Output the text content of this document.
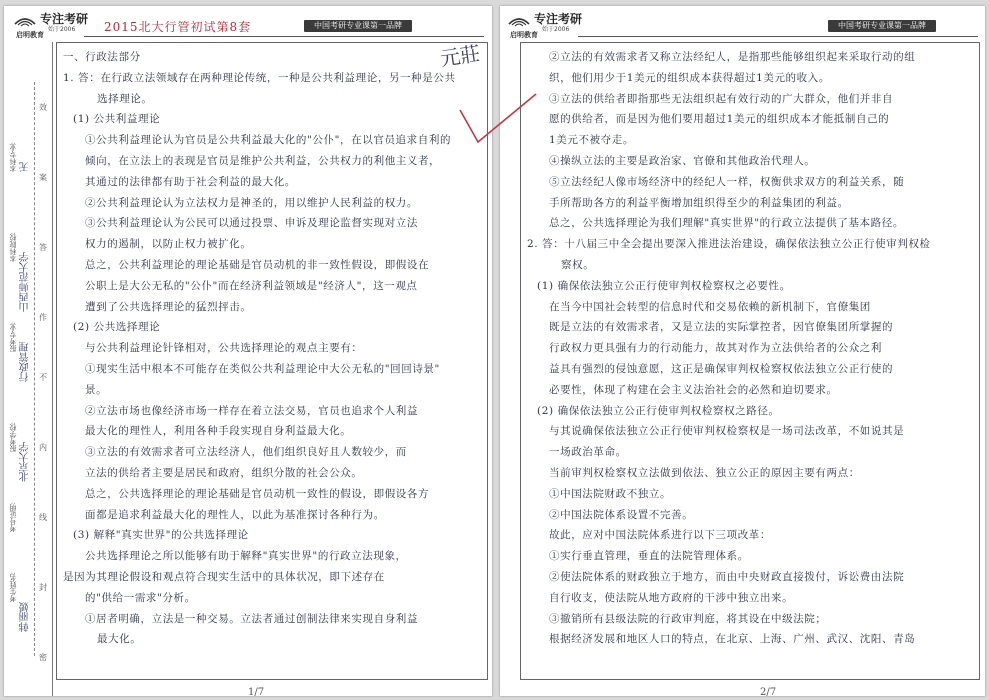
专注考研
始于2006
启明教育
中国考研专业课第一品牌
2015北大行管初试第8套
考生姓名:
韩丽媛
考号证明:
报考学校:
北京大学
报考专业:
行政管理
本科院校:
山西师范大学
本科专业: 无
密
封
线
内
不
作
答
案
效
一、行政法部分
1. 答：在行政立法领域存在两种理论传统，一种是公共利益理论，另一种是公共
选择理论。
(1) 公共利益理论
①公共利益理论认为官员是公共利益最大化的"公仆"，在以官员追求自利的
倾向，在立法上的表现是官员是维护公共利益，公共权力的利他主义者，
其通过的法律都有助于社会利益的最大化。
②公共利益理论认为立法权力是神圣的，用以维护人民利益的权力。
③公共利益理论认为公民可以通过投票、申诉及理论监督实现对立法
权力的遏制，以防止权力被扩化。
总之，公共利益理论的理论基础是官员动机的非一致性假设，即假设在
公职上是大公无私的"公仆"而在经济利益领域是"经济人"，这一观点
遭到了公共选择理论的猛烈抨击。
(2) 公共选择理论
与公共利益理论针锋相对，公共选择理论的观点主要有：
①现实生活中根本不可能存在类似公共利益理论中大公无私的"回回诗景"
景。
②立法市场也像经济市场一样存在着立法交易，官员也追求个人利益
最大化的理性人，利用各种手段实现自身利益最大化。
③立法的有效需求者可立法经济人，他们组织良好且人数较少，而
立法的供给者主要是居民和政府，组织分散的社会公众。
总之，公共选择理论的理论基础是官员动机一致性的假设，即假设各方
面都是追求利益最大化的理性人，以此为基准探讨各种行为。
(3) 解释"真实世界"的公共选择理论
公共选择理论之所以能够有助于解释"真实世界"的行政立法现象，
是因为其理论假设和观点符合现实生活中的具体状况，即下述存在
的"供给一需求"分析。
①居者明确，立法是一种交易。立法者通过创制法律来实现自身利益
最大化。
1/7
专注考研
始于2006
启明教育
中国考研专业课第一品牌
②立法的有效需求者又称立法经纪人，是指那些能够组织起来采取行动的组
织，他们用少于1美元的组织成本获得超过1美元的收入。
③立法的供给者即指那些无法组织起有效行动的广大群众，他们并非自
愿的供给者，而是因为他们要用超过1美元的组织成本才能抵制自己的
1美元不被夺走。
④操纵立法的主要是政治家、官僚和其他政治代理人。
⑤立法经纪人像市场经济中的经纪人一样，权衡供求双方的利益关系，随
手所帮助各方的利益平衡增加组织得至少的利益集团的利益。
总之，公共选择理论为我们理解"真实世界"的行政立法提供了基本路径。
2. 答：十八届三中全会提出要深入推进法治建设，确保依法独立公正行使审判权检
察权。
(1) 确保依法独立公正行使审判权检察权之必要性。
在当今中国社会转型的信息时代和交易依赖的新机制下，官僚集团
既是立法的有效需求者，又是立法的实际掌控者，因官僚集团所掌握的
行政权力更具强有力的行动能力，故其对作为立法供给者的公众之利
益具有强烈的侵蚀意愿，这正是确保审判权检察权依法独立公正行使的
必要性，体现了构建在会主义法治社会的必然和迫切要求。
(2) 确保依法独立公正行使审判权检察权之路径。
与其说确保依法独立公正行使审判权检察权是一场司法改革，不如说其是
一场政治革命。
当前审判权检察权立法做到依法、独立公正的原因主要有两点：
①中国法院财政不独立。
②中国法院体系设置不完善。
故此，应对中国法院体系进行以下三项改革：
①实行垂直管理，垂直的法院管理体系。
②使法院体系的财政独立于地方，而由中央财政直接拨付，诉讼费由法院
自行收支，使法院从地方政府的干涉中独立出来。
③撤销所有县级法院的行政审判庭，将其设在中级法院；
根据经济发展和地区人口的特点，在北京、上海、广州、武汉、沈阳、青岛
2/7
元莊
